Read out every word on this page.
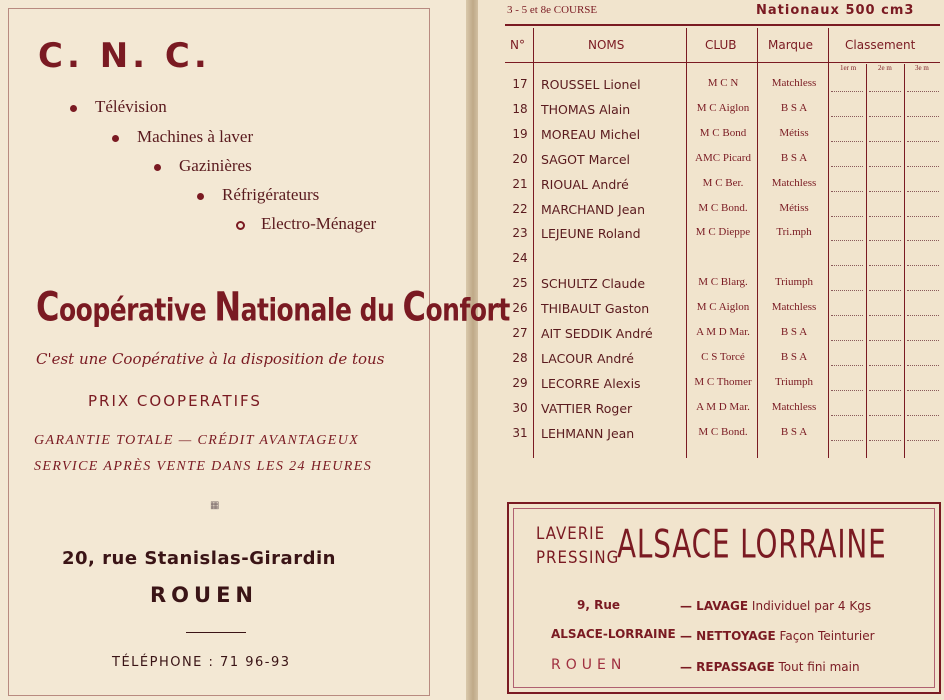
C. N. C.
Télévision
Machines à laver
Gazinières
Réfrigérateurs
Electro-Ménager
Coopérative Nationale du Confort
C'est une Coopérative à la disposition de tous
PRIX COOPERATIFS
GARANTIE TOTALE — CRÉDIT AVANTAGEUX
SERVICE APRÈS VENTE DANS LES 24 HEURES
▦
20, rue Stanislas-Girardin
ROUEN
TÉLÉPHONE : 71 96-93
3 - 5 et 8e COURSE	Nationaux 500 cm3
N°	NOMS	CLUB	Marque	Classement
1er m	2e m	3e m
17	ROUSSEL Lionel	M C N	Matchless
18	THOMAS Alain	M C Aiglon	B S A
19	MOREAU Michel	M C Bond	Métiss
20	SAGOT Marcel	AMC Picard	B S A
21	RIOUAL André	M C Ber.	Matchless
22	MARCHAND Jean	M C Bond.	Métiss
23	LEJEUNE Roland	M C Dieppe	Tri.mph
24
25	SCHULTZ Claude	M C Blarg.	Triumph
26	THIBAULT Gaston	M C Aiglon	Matchless
27	AIT SEDDIK André	A M D Mar.	B S A
28	LACOUR André	C S Torcé	B S A
29	LECORRE Alexis	M C Thomer	Triumph
30	VATTIER Roger	A M D Mar.	Matchless
31	LEHMANN Jean	M C Bond.	B S A
LAVERIE
PRESSING
ALSACE LORRAINE
9, Rue
ALSACE-LORRAINE
ROUEN
— LAVAGE Individuel par 4 Kgs
— NETTOYAGE Façon Teinturier
— REPASSAGE Tout fini main
